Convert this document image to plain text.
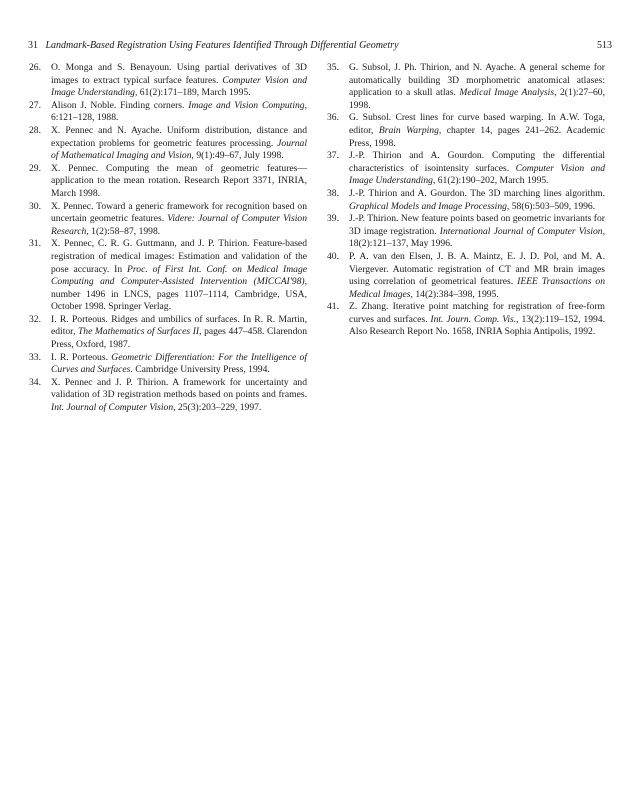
31 Landmark-Based Registration Using Features Identified Through Differential Geometry	513

26.	O. Monga and S. Benayoun. Using partial derivatives of 3D images to extract typical surface features. Computer Vision and Image Understanding, 61(2):171–189, March 1995.

27.	Alison J. Noble. Finding corners. Image and Vision Computing, 6:121–128, 1988.

28.	X. Pennec and N. Ayache. Uniform distribution, distance and expectation problems for geometric features processing. Journal of Mathematical Imaging and Vision, 9(1):49–67, July 1998.

29.	X. Pennec. Computing the mean of geometric features—application to the mean rotation. Research Report 3371, INRIA, March 1998.

30.	X. Pennec. Toward a generic framework for recognition based on uncertain geometric features. Videre: Journal of Computer Vision Research, 1(2):58–87, 1998.

31.	X. Pennec, C. R. G. Guttmann, and J. P. Thirion. Feature-based registration of medical images: Estimation and validation of the pose accuracy. In Proc. of First Int. Conf. on Medical Image Computing and Computer-Assisted Intervention (MICCAI'98), number 1496 in LNCS, pages 1107–1114, Cambridge, USA, October 1998. Springer Verlag.

32.	I. R. Porteous. Ridges and umbilics of surfaces. In R. R. Martin, editor, The Mathematics of Surfaces II, pages 447–458. Clarendon Press, Oxford, 1987.

33.	I. R. Porteous. Geometric Differentiation: For the Intelligence of Curves and Surfaces. Cambridge University Press, 1994.

34.	X. Pennec and J. P. Thirion. A framework for uncertainty and validation of 3D registration methods based on points and frames. Int. Journal of Computer Vision, 25(3):203–229, 1997.

35.	G. Subsol, J. Ph. Thirion, and N. Ayache. A general scheme for automatically building 3D morphometric anatomical atlases: application to a skull atlas. Medical Image Analysis, 2(1):27–60, 1998.

36.	G. Subsol. Crest lines for curve based warping. In A.W. Toga, editor, Brain Warping, chapter 14, pages 241–262. Academic Press, 1998.

37.	J.-P. Thirion and A. Gourdon. Computing the differential characteristics of isointensity surfaces. Computer Vision and Image Understanding, 61(2):190–202, March 1995.

38.	J.-P. Thirion and A. Gourdon. The 3D marching lines algorithm. Graphical Models and Image Processing, 58(6):503–509, 1996.

39.	J.-P. Thirion. New feature points based on geometric invariants for 3D image registration. International Journal of Computer Vision, 18(2):121–137, May 1996.

40.	P. A. van den Elsen, J. B. A. Maintz, E. J. D. Pol, and M. A. Viergever. Automatic registration of CT and MR brain images using correlation of geometrical features. IEEE Transactions on Medical Images, 14(2):384–398, 1995.

41.	Z. Zhang. Iterative point matching for registration of free-form curves and surfaces. Int. Journ. Comp. Vis., 13(2):119–152, 1994. Also Research Report No. 1658, INRIA Sophia Antipolis, 1992.
